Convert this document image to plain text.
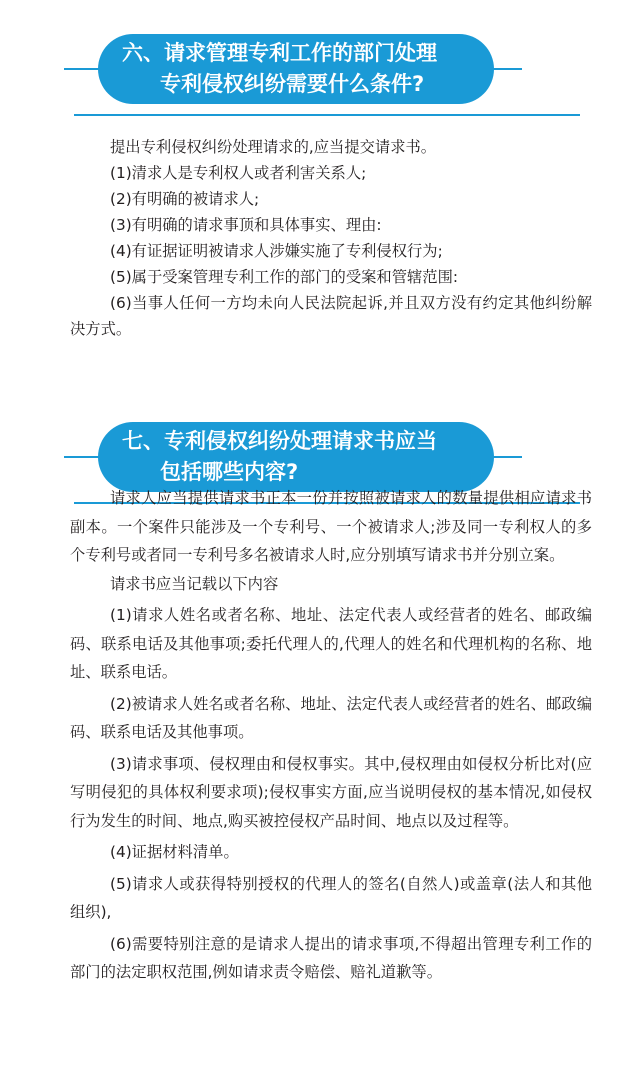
六、请求管理专利工作的部门处理
专利侵权纠纷需要什么条件?

提出专利侵权纠纷处理请求的,应当提交请求书。

(1)清求人是专利权人或者利害关系人;

(2)有明确的被请求人;

(3)有明确的请求事顶和具体事实、理由:

(4)有证据证明被请求人涉嫌实施了专利侵权行为;

(5)属于受案管理专利工作的部门的受案和管辖范围:

(6)当事人任何一方均未向人民法院起诉,并且双方没有约定其他纠纷解决方式。

七、专利侵权纠纷处理请求书应当
包括哪些内容?

请求人应当提供请求书正本一份并按照被请求人的数量提供相应请求书副本。一个案件只能涉及一个专利号、一个被请求人;涉及同一专利权人的多个专利号或者同一专利号多名被请求人时,应分别填写请求书并分别立案。

请求书应当记载以下内容

(1)请求人姓名或者名称、地址、法定代表人或经营者的姓名、邮政编码、联系电话及其他事项;委托代理人的,代理人的姓名和代理机构的名称、地址、联系电话。

(2)被请求人姓名或者名称、地址、法定代表人或经营者的姓名、邮政编码、联系电话及其他事项。

(3)请求事项、侵权理由和侵权事实。其中,侵权理由如侵权分析比对(应写明侵犯的具体权利要求项);侵权事实方面,应当说明侵权的基本情况,如侵权行为发生的时间、地点,购买被控侵权产品时间、地点以及过程等。

(4)证据材料清单。

(5)请求人或获得特别授权的代理人的签名(自然人)或盖章(法人和其他组织),

(6)需要特别注意的是请求人提出的请求事项,不得超出管理专利工作的部门的法定职权范围,例如请求责令赔偿、赔礼道歉等。
